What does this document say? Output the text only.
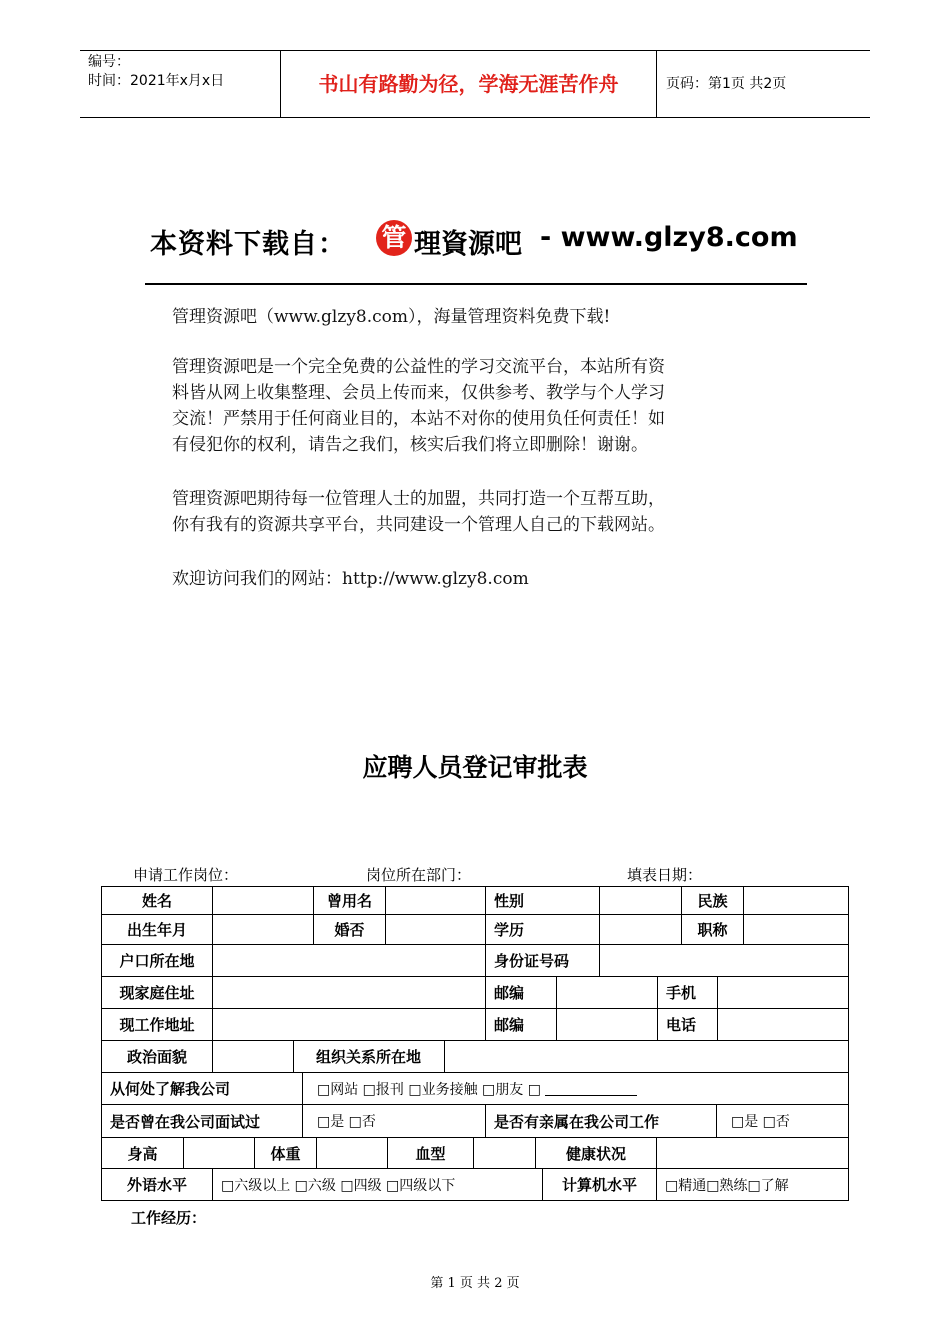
编号：
时间：2021年x月x日	书山有路勤为径，学海无涯苦作舟	页码：第1页 共2页
本资料下载自： 管 理資源吧 - www.glzy8.com
管理资源吧（www.glzy8.com），海量管理资料免费下载!
管理资源吧是一个完全免费的公益性的学习交流平台，本站所有资
料皆从网上收集整理、会员上传而来，仅供参考、教学与个人学习
交流！严禁用于任何商业目的，本站不对你的使用负任何责任！如
有侵犯你的权利，请告之我们，核实后我们将立即删除！谢谢。
管理资源吧期待每一位管理人士的加盟，共同打造一个互帮互助，
你有我有的资源共享平台，共同建设一个管理人自己的下载网站。
欢迎访问我们的网站：http://www.glzy8.com
应聘人员登记审批表
申请工作岗位：	岗位所在部门：	填表日期：
姓名	曾用名	性别	民族
出生年月	婚否	学历	职称
户口所在地	身份证号码
现家庭住址	邮编	手机
现工作地址	邮编	电话
政治面貌	组织关系所在地
从何处了解我公司	□网站 □报刊 □业务接触 □朋友 □
是否曾在我公司面试过	□是 □否	是否有亲属在我公司工作	□是 □否
身高	体重	血型	健康状况
外语水平	□六级以上 □六级 □四级 □四级以下	计算机水平	□精通□熟练□了解
工作经历：
第 1 页 共 2 页
